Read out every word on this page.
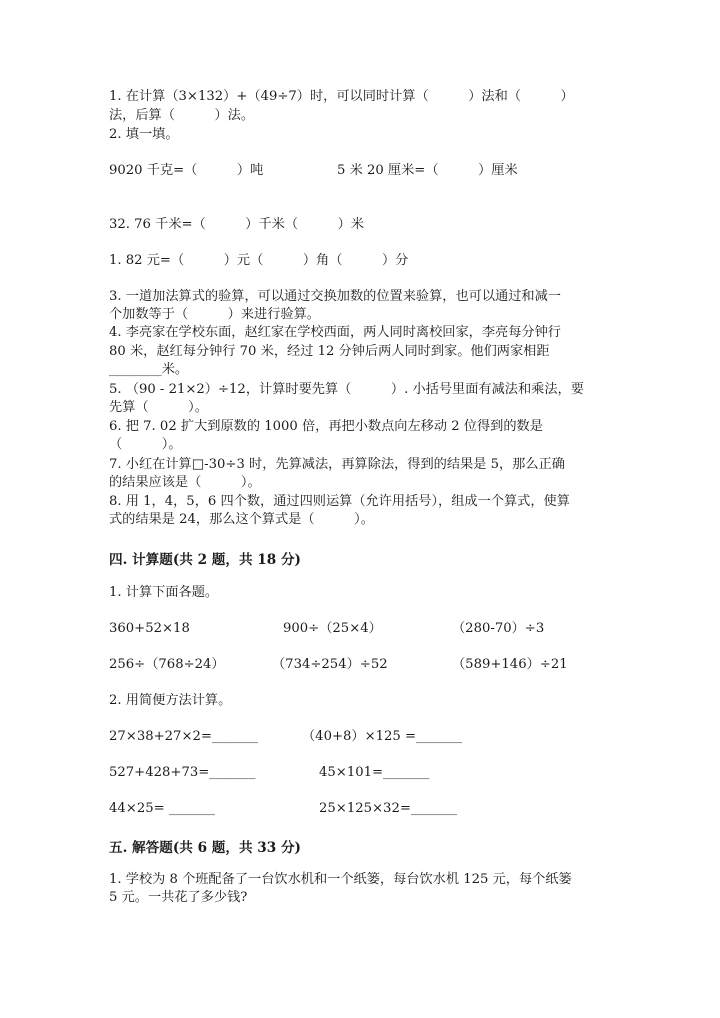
1. 在计算（3×132）+（49÷7）时，可以同时计算（　　　）法和（　　　）
法，后算（　　　）法。
2. 填一填。
9020 千克=（　　　）吨	5 米 20 厘米=（　　　）厘米
32. 76 千米=（　　　）千米（　　　）米
1. 82 元=（　　　）元（　　　）角（　　　）分
3. 一道加法算式的验算，可以通过交换加数的位置来验算，也可以通过和减一
个加数等于（　　　）来进行验算。
4. 李亮家在学校东面，赵红家在学校西面，两人同时离校回家，李亮每分钟行
80 米，赵红每分钟行 70 米，经过 12 分钟后两人同时到家。他们两家相距
________米。
5. （90 - 21×2）÷12，计算时要先算（　　　）. 小括号里面有减法和乘法，要
先算（　　　）。
6. 把 7. 02 扩大到原数的 1000 倍，再把小数点向左移动 2 位得到的数是
（　　　）。
7. 小红在计算□-30÷3 时，先算减法，再算除法，得到的结果是 5，那么正确
的结果应该是（　　　）。
8. 用 1，4，5，6 四个数，通过四则运算（允许用括号），组成一个算式，使算
式的结果是 24，那么这个算式是（　　　）。
四. 计算题(共 2 题，共 18 分)
1. 计算下面各题。
360+52×18	900÷（25×4）	（280-70）÷3
256÷（768÷24）	（734÷254）÷52	（589+146）÷21
2. 用简便方法计算。
27×38+27×2=_______	（40+8）×125 =_______
527+428+73=_______	45×101=_______
44×25= _______	25×125×32=_______
五. 解答题(共 6 题，共 33 分)
1. 学校为 8 个班配备了一台饮水机和一个纸篓，每台饮水机 125 元，每个纸篓
5 元。一共花了多少钱?
